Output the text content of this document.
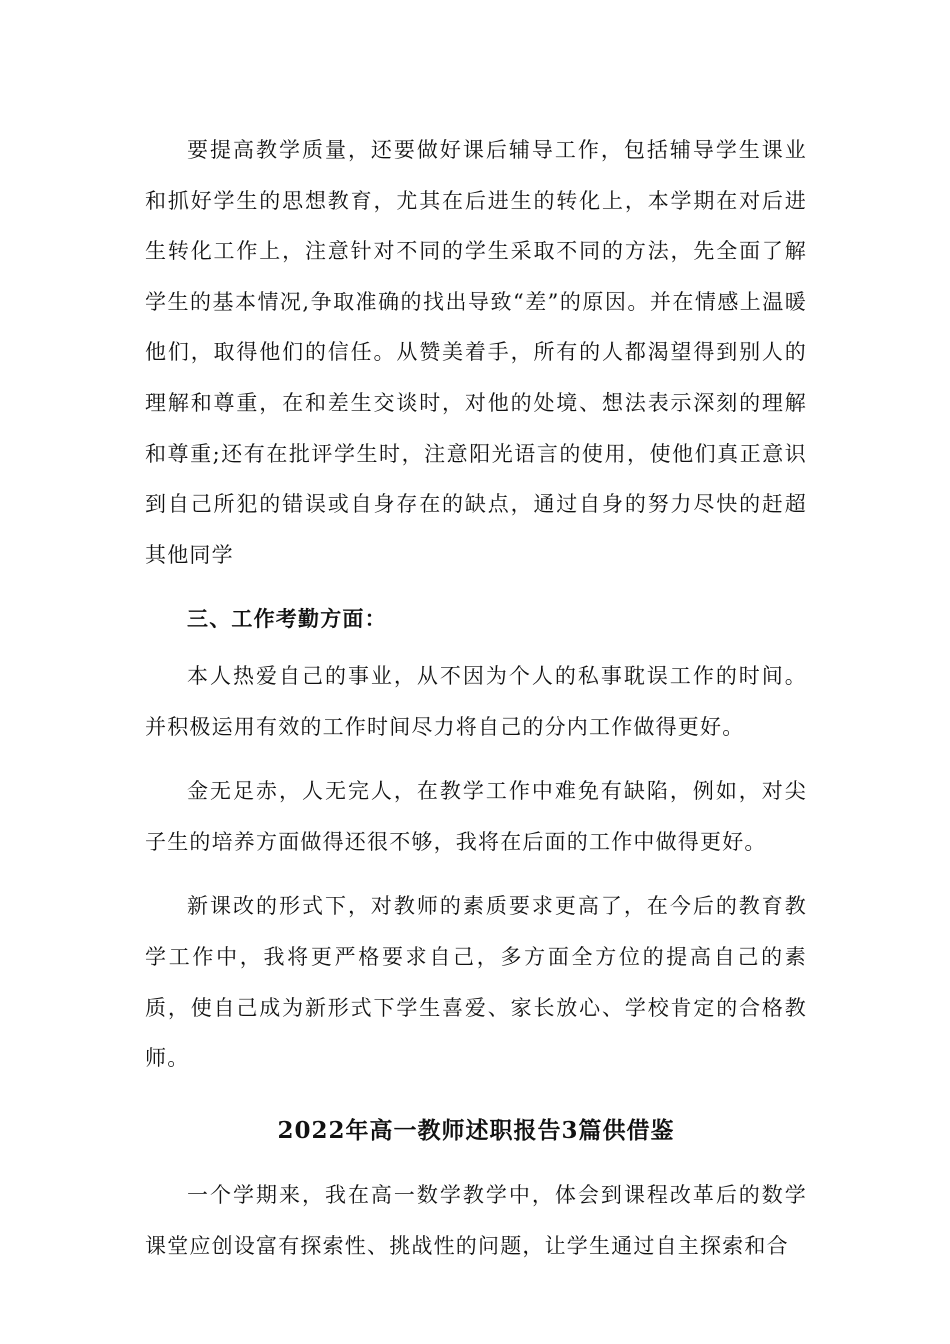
要提高教学质量，还要做好课后辅导工作，包括辅导学生课业和抓好学生的思想教育，尤其在后进生的转化上，本学期在对后进生转化工作上，注意针对不同的学生采取不同的方法，先全面了解学生的基本情况,争取准确的找出导致“差”的原因。并在情感上温暖他们，取得他们的信任。从赞美着手，所有的人都渴望得到别人的理解和尊重，在和差生交谈时，对他的处境、想法表示深刻的理解和尊重;还有在批评学生时，注意阳光语言的使用，使他们真正意识到自己所犯的错误或自身存在的缺点，通过自身的努力尽快的赶超其他同学

三、工作考勤方面：

本人热爱自己的事业，从不因为个人的私事耽误工作的时间。并积极运用有效的工作时间尽力将自己的分内工作做得更好。

金无足赤，人无完人，在教学工作中难免有缺陷，例如，对尖子生的培养方面做得还很不够，我将在后面的工作中做得更好。

新课改的形式下，对教师的素质要求更高了，在今后的教育教学工作中，我将更严格要求自己，多方面全方位的提高自己的素质，使自己成为新形式下学生喜爱、家长放心、学校肯定的合格教师。

2022年高一教师述职报告3篇供借鉴

一个学期来，我在高一数学教学中，体会到课程改革后的数学课堂应创设富有探索性、挑战性的问题，让学生通过自主探索和合
